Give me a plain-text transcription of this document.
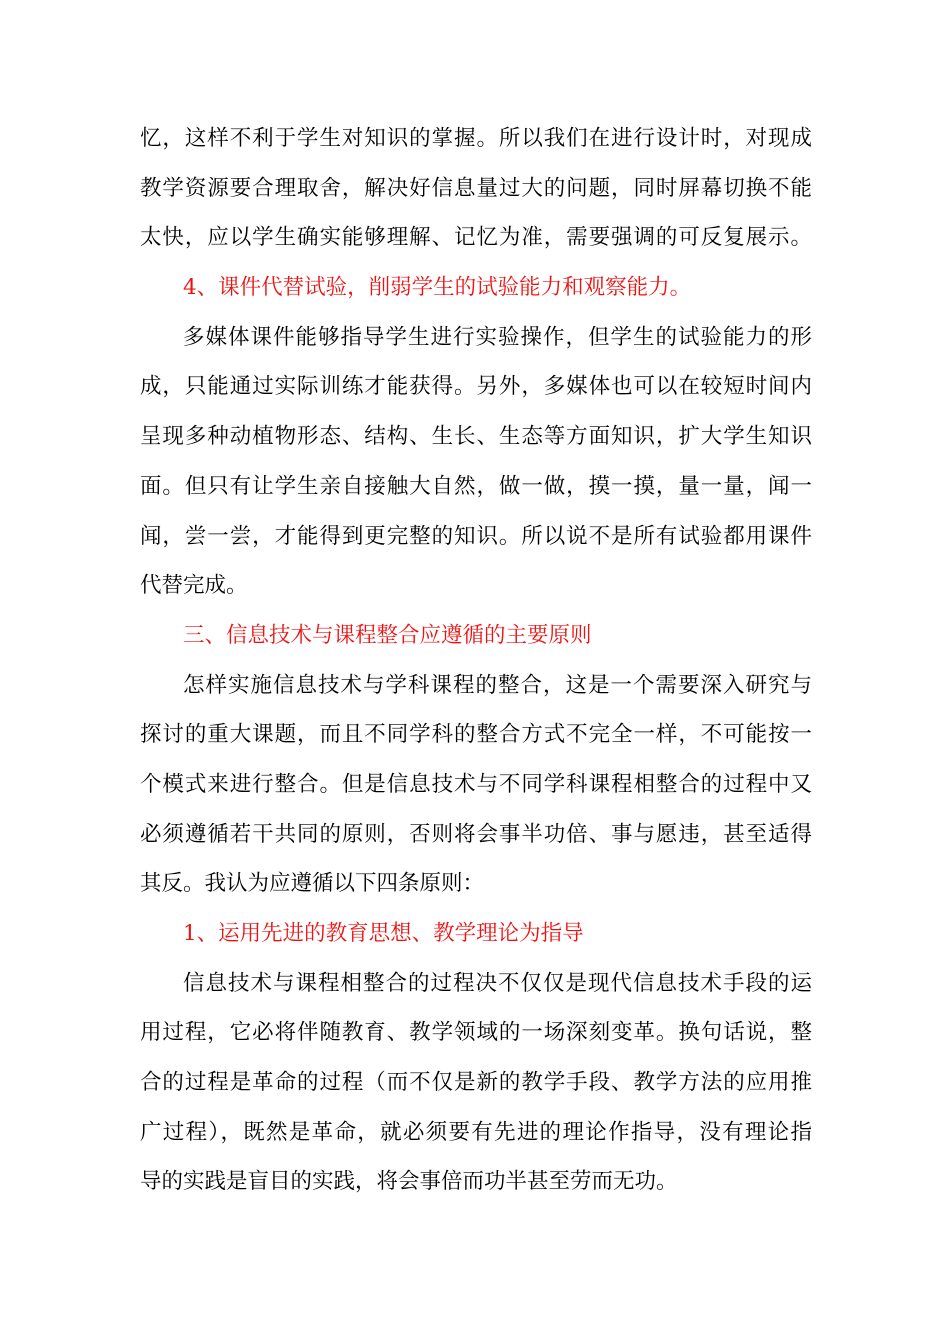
忆，这样不利于学生对知识的掌握。所以我们在进行设计时，对现成
教学资源要合理取舍，解决好信息量过大的问题，同时屏幕切换不能
太快，应以学生确实能够理解、记忆为准，需要强调的可反复展示。
4、课件代替试验，削弱学生的试验能力和观察能力。
多媒体课件能够指导学生进行实验操作，但学生的试验能力的形
成，只能通过实际训练才能获得。另外，多媒体也可以在较短时间内
呈现多种动植物形态、结构、生长、生态等方面知识，扩大学生知识
面。但只有让学生亲自接触大自然，做一做，摸一摸，量一量，闻一
闻，尝一尝，才能得到更完整的知识。所以说不是所有试验都用课件
代替完成。
三、信息技术与课程整合应遵循的主要原则
怎样实施信息技术与学科课程的整合，这是一个需要深入研究与
探讨的重大课题，而且不同学科的整合方式不完全一样，不可能按一
个模式来进行整合。但是信息技术与不同学科课程相整合的过程中又
必须遵循若干共同的原则，否则将会事半功倍、事与愿违，甚至适得
其反。我认为应遵循以下四条原则：
1、运用先进的教育思想、教学理论为指导
信息技术与课程相整合的过程决不仅仅是现代信息技术手段的运
用过程，它必将伴随教育、教学领域的一场深刻变革。换句话说，整
合的过程是革命的过程（而不仅是新的教学手段、教学方法的应用推
广过程），既然是革命，就必须要有先进的理论作指导，没有理论指
导的实践是盲目的实践，将会事倍而功半甚至劳而无功。
